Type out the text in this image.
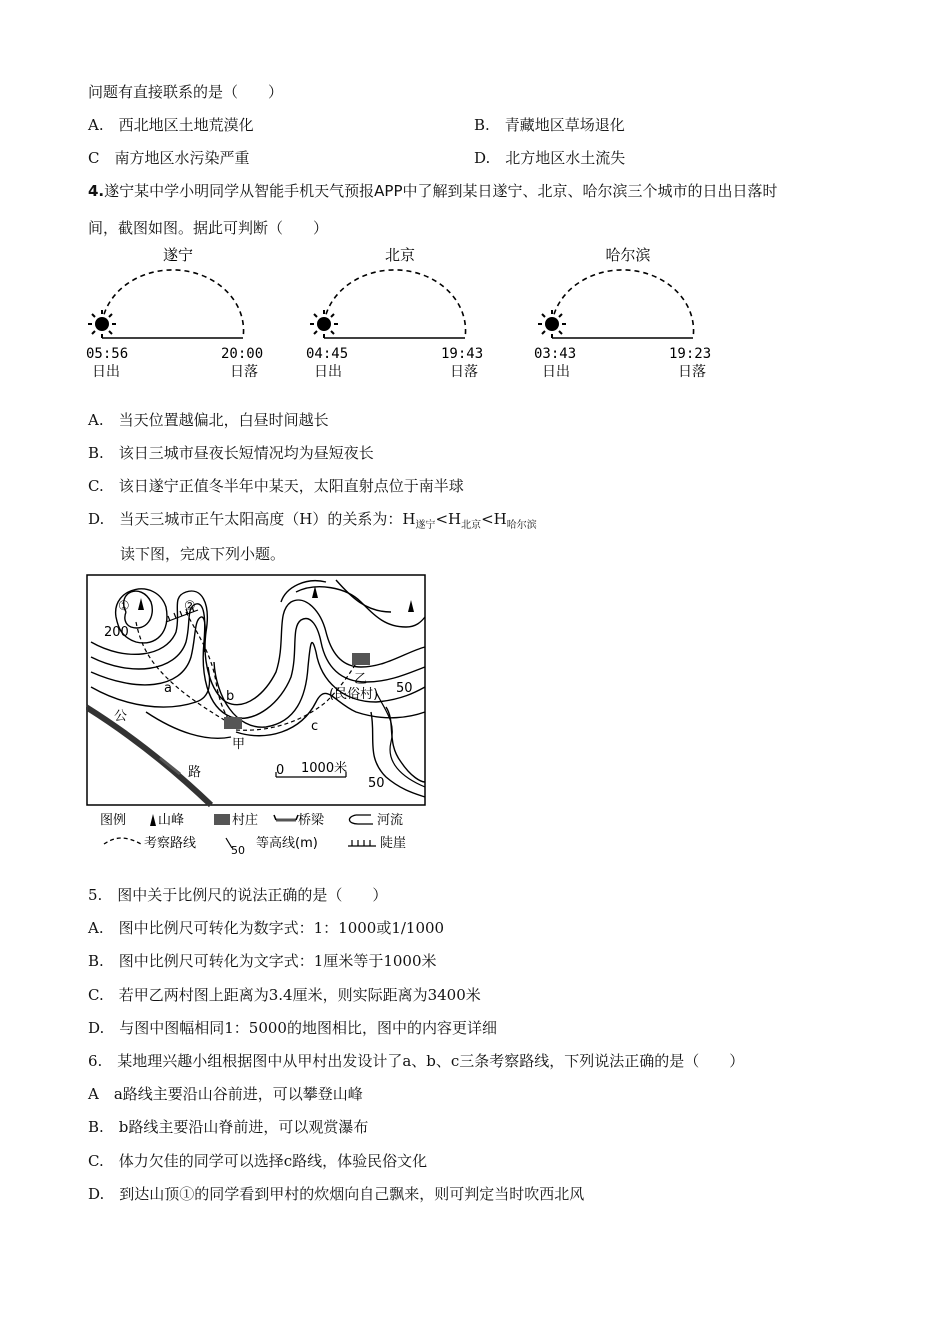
问题有直接联系的是（　　）
A.　西北地区土地荒漠化	B.　青藏地区草场退化
C　南方地区水污染严重	D.　北方地区水土流失
4.遂宁某中学小明同学从智能手机天气预报APP中了解到某日遂宁、北京、哈尔滨三个城市的日出日落时
间，截图如图。据此可判断（　　）
遂宁
05:56	20:00
日出	日落
北京
04:45	19:43
日出	日落
哈尔滨
03:43	19:23
日出	日落
A.　当天位置越偏北，白昼时间越长
B.　该日三城市昼夜长短情况均为昼短夜长
C.　该日遂宁正值冬半年中某天，太阳直射点位于南半球
D.　当天三城市正午太阳高度（H）的关系为：$H_{遂宁}<H_{北京}<H_{哈尔滨}$
读下图，完成下列小题。
①	②
200
50
50
a
b
c
甲
乙
(民俗村)
公
路	0 1000米
图例 山峰	村庄	桥梁	河流
考察路线	50 等高线(m)	陡崖
5.　图中关于比例尺的说法正确的是（　　）
A.　图中比例尺可转化为数字式：1：1000或1/1000
B.　图中比例尺可转化为文字式：1厘米等于1000米
C.　若甲乙两村图上距离为3.4厘米，则实际距离为3400米
D.　与图中图幅相同1：5000的地图相比，图中的内容更详细
6.　某地理兴趣小组根据图中从甲村出发设计了a、b、c三条考察路线，下列说法正确的是（　　）
A　a路线主要沿山谷前进，可以攀登山峰
B.　b路线主要沿山脊前进，可以观赏瀑布
C.　体力欠佳的同学可以选择c路线，体验民俗文化
D.　到达山顶①的同学看到甲村的炊烟向自己飘来，则可判定当时吹西北风
